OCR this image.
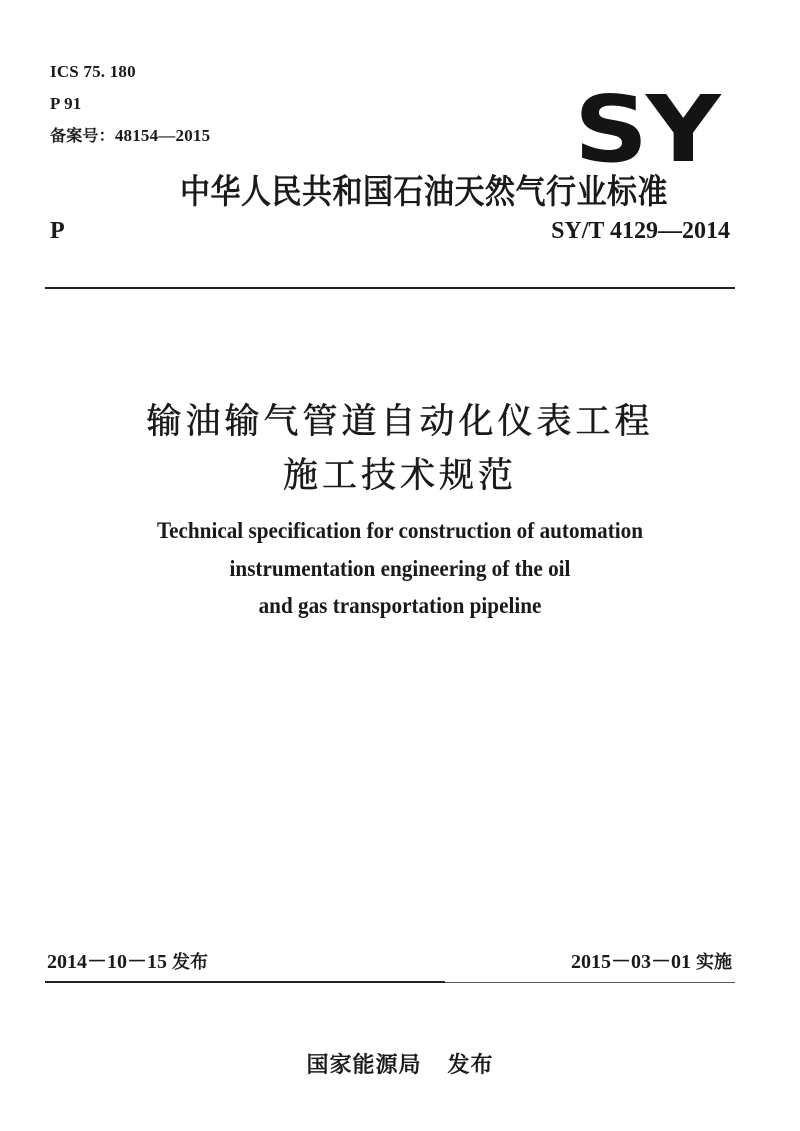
ICS 75. 180
P 91
备案号：48154—2015	SY
中华人民共和国石油天然气行业标准
P	SY/T 4129—2014
输油输气管道自动化仪表工程
施工技术规范
Technical specification for construction of automation
instrumentation engineering of the oil
and gas transportation pipeline
2014－10－15 发布	2015－03－01 实施
国家能源局 发布
